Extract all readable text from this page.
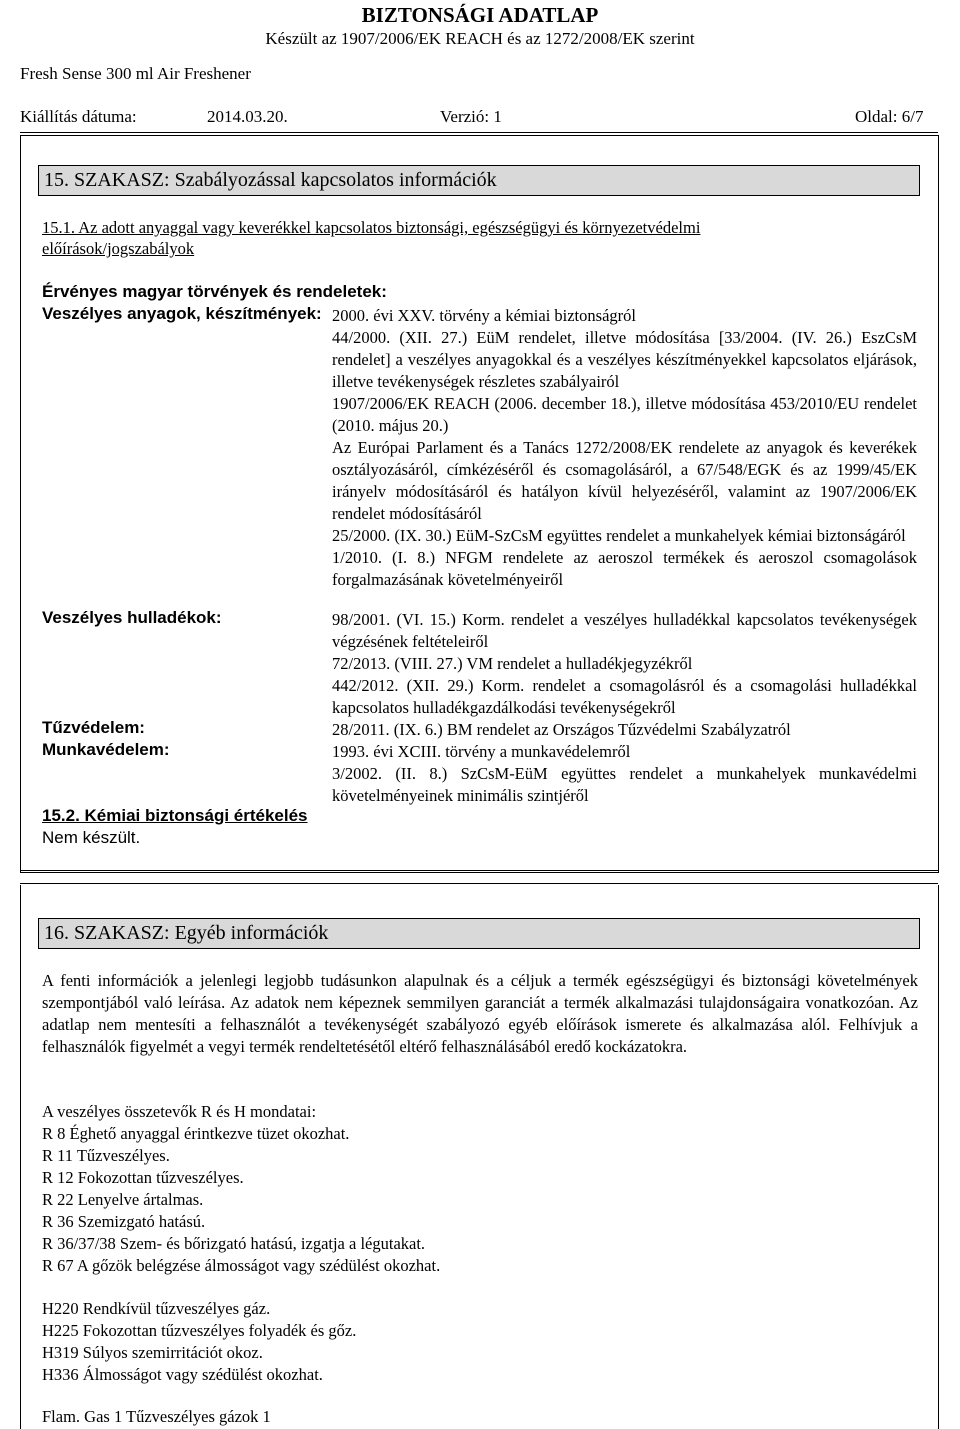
BIZTONSÁGI ADATLAP
Készült az 1907/2006/EK REACH és az 1272/2008/EK szerint
Fresh Sense 300 ml Air Freshener
Kiállítás dátuma:	2014.03.20.	Verzió: 1	Oldal: 6/7
15. SZAKASZ: Szabályozással kapcsolatos információk
15.1. Az adott anyaggal vagy keverékkel kapcsolatos biztonsági, egészségügyi és környezetvédelmi
előírások/jogszabályok
Érvényes magyar törvények és rendeletek:
Veszélyes anyagok, készítmények: 2000. évi XXV. törvény a kémiai biztonságról

44/2000. (XII. 27.) EüM rendelet, illetve módosítása [33/2004. (IV. 26.) EszCsM rendelet] a veszélyes anyagokkal és a veszélyes készítményekkel kapcsolatos eljárások, illetve tevékenységek részletes szabályairól

1907/2006/EK REACH (2006. december 18.), illetve módosítása 453/2010/EU rendelet (2010. május 20.)

Az Európai Parlament és a Tanács 1272/2008/EK rendelete az anyagok és keverékek osztályozásáról, címkézéséről és csomagolásáról, a 67/548/EGK és az 1999/45/EK irányelv módosításáról és hatályon kívül helyezéséről, valamint az 1907/2006/EK rendelet módosításáról

25/2000. (IX. 30.) EüM-SzCsM együttes rendelet a munkahelyek kémiai biztonságáról

1/2010. (I. 8.) NFGM rendelete az aeroszol termékek és aeroszol csomagolások forgalmazásának követelményeiről

Veszélyes hulladékok:	98/2001. (VI. 15.) Korm. rendelet a veszélyes hulladékkal kapcsolatos tevékenységek végzésének feltételeiről

72/2013. (VIII. 27.) VM rendelet a hulladékjegyzékről

442/2012. (XII. 29.) Korm. rendelet a csomagolásról és a csomagolási hulladékkal kapcsolatos hulladékgazdálkodási tevékenységekről

Tűzvédelem:	28/2011. (IX. 6.) BM rendelet az Országos Tűzvédelmi Szabályzatról

Munkavédelem:	1993. évi XCIII. törvény a munkavédelemről

3/2002. (II. 8.) SzCsM-EüM együttes rendelet a munkahelyek munkavédelmi követelményeinek minimális szintjéről

15.2. Kémiai biztonsági értékelés
Nem készült.
16. SZAKASZ: Egyéb információk

A fenti információk a jelenlegi legjobb tudásunkon alapulnak és a céljuk a termék egészségügyi és biztonsági követelmények szempontjából való leírása. Az adatok nem képeznek semmilyen garanciát a termék alkalmazási tulajdonságaira vonatkozóan. Az adatlap nem mentesíti a felhasználót a tevékenységét szabályozó egyéb előírások ismerete és alkalmazása alól. Felhívjuk a felhasználók figyelmét a vegyi termék rendeltetésétől eltérő felhasználásából eredő kockázatokra.

A veszélyes összetevők R és H mondatai:
R 8 Éghető anyaggal érintkezve tüzet okozhat.
R 11 Tűzveszélyes.
R 12 Fokozottan tűzveszélyes.
R 22 Lenyelve ártalmas.
R 36 Szemizgató hatású.
R 36/37/38 Szem- és bőrizgató hatású, izgatja a légutakat.
R 67 A gőzök belégzése álmosságot vagy szédülést okozhat.
H220 Rendkívül tűzveszélyes gáz.
H225 Fokozottan tűzveszélyes folyadék és gőz.
H319 Súlyos szemirritációt okoz.
H336 Álmosságot vagy szédülést okozhat.
Flam. Gas 1 Tűzveszélyes gázok 1
